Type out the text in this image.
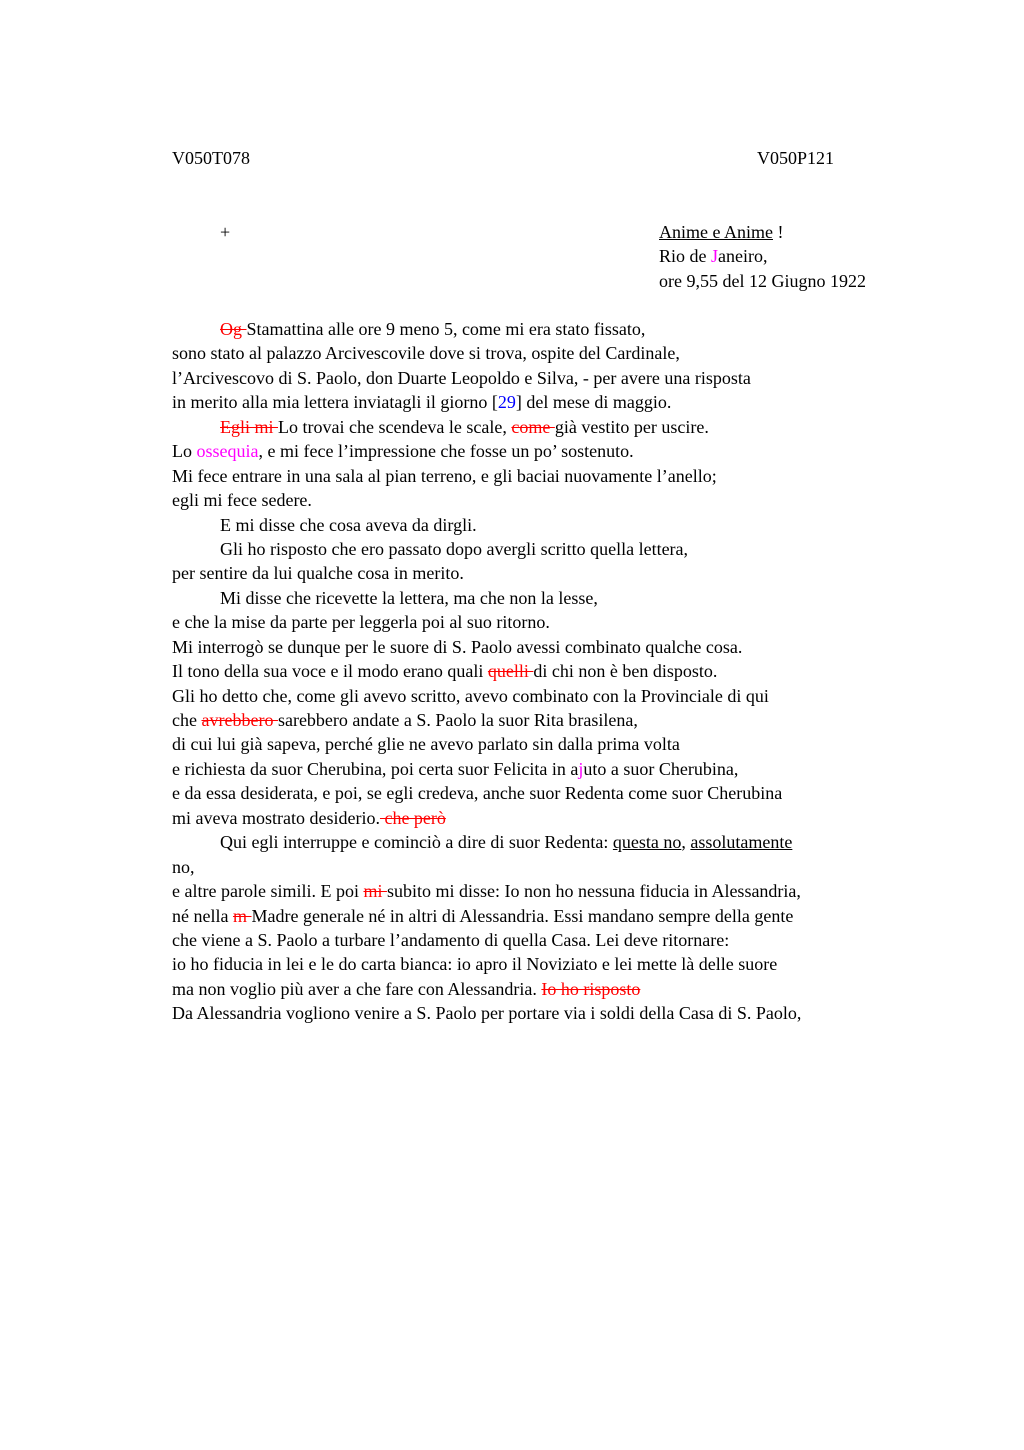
V050T078	V050P121
+	Anime e Anime !
Rio de Janeiro,
ore 9,55 del 12 Giugno 1922
Og Stamattina alle ore 9 meno 5, come mi era stato fissato,
sono stato al palazzo Arcivescovile dove si trova, ospite del Cardinale,
l’Arcivescovo di S. Paolo, don Duarte Leopoldo e Silva, - per avere una risposta
in merito alla mia lettera inviatagli il giorno [29] del mese di maggio.
Egli mi Lo trovai che scendeva le scale, come già vestito per uscire.
Lo ossequia, e mi fece l’impressione che fosse un po’ sostenuto.
Mi fece entrare in una sala al pian terreno, e gli baciai nuovamente l’anello;
egli mi fece sedere.
E mi disse che cosa aveva da dirgli.
Gli ho risposto che ero passato dopo avergli scritto quella lettera,
per sentire da lui qualche cosa in merito.
Mi disse che ricevette la lettera, ma che non la lesse,
e che la mise da parte per leggerla poi al suo ritorno.
Mi interrogò se dunque per le suore di S. Paolo avessi combinato qualche cosa.
Il tono della sua voce e il modo erano quali quelli di chi non è ben disposto.
Gli ho detto che, come gli avevo scritto, avevo combinato con la Provinciale di qui
che avrebbero sarebbero andate a S. Paolo la suor Rita brasilena,
di cui lui già sapeva, perché glie ne avevo parlato sin dalla prima volta
e richiesta da suor Cherubina, poi certa suor Felicita in ajuto a suor Cherubina,
e da essa desiderata, e poi, se egli credeva, anche suor Redenta come suor Cherubina
mi aveva mostrato desiderio. che però
Qui egli interruppe e cominciò a dire di suor Redenta: questa no, assolutamente
no,
e altre parole simili. E poi mi subito mi disse: Io non ho nessuna fiducia in Alessandria,
né nella m Madre generale né in altri di Alessandria. Essi mandano sempre della gente
che viene a S. Paolo a turbare l’andamento di quella Casa. Lei deve ritornare:
io ho fiducia in lei e le do carta bianca: io apro il Noviziato e lei mette là delle suore
ma non voglio più aver a che fare con Alessandria. Io ho risposto
Da Alessandria vogliono venire a S. Paolo per portare via i soldi della Casa di S. Paolo,
